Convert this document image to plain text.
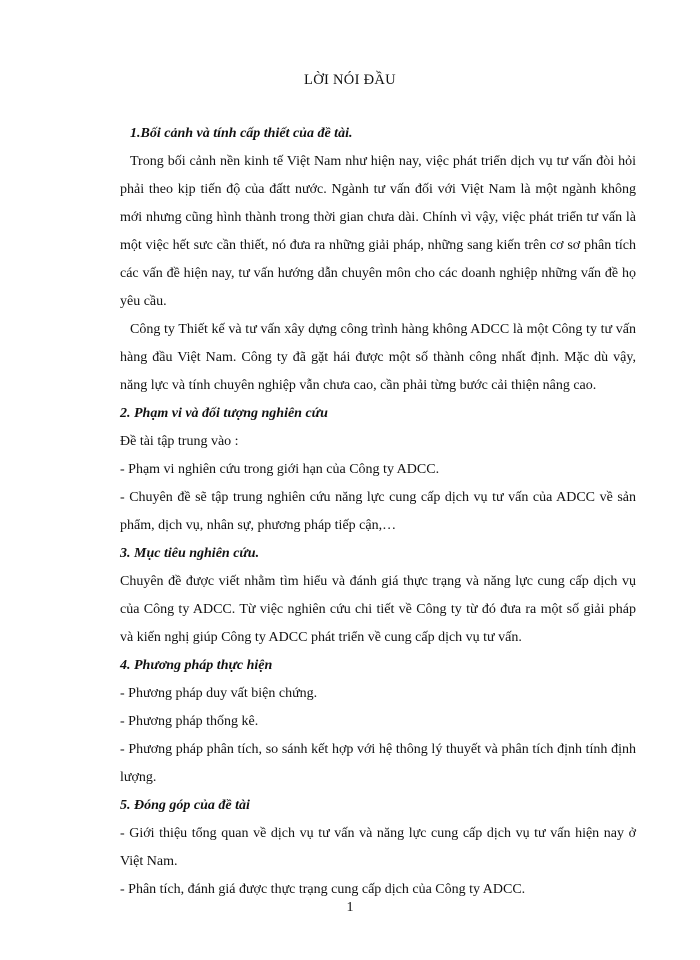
LỜI NÓI ĐẦU

1.Bối cảnh và tính cấp thiết của đề tài.

Trong bối cảnh nền kinh tế Việt Nam như hiện nay, việc phát triển dịch vụ tư vấn đòi hỏi phải theo kịp tiến độ của đấtt nước. Ngành tư vấn đối với Việt Nam là một ngành không mới nhưng cũng hình thành trong thời gian chưa dài. Chính vì vậy, việc phát triển tư vấn là một việc hết sưc cần thiết, nó đưa ra những giải pháp, những sang kiến trên cơ sơ phân tích các vấn đề hiện nay, tư vấn hướng dẫn chuyên môn cho các doanh nghiệp những vấn đề họ yêu cầu.

Công ty Thiết kế và tư vấn xây dựng công trình hàng không ADCC là một Công ty tư vấn hàng đầu Việt Nam. Công ty đã gặt hái được một số thành công nhất định. Mặc dù vậy, năng lực và tính chuyên nghiệp vẫn chưa cao, cần phải từng bước cải thiện nâng cao.

2. Phạm vi và đối tượng nghiên cứu

Đề tài tập trung vào :

- Phạm vi nghiên cứu trong giới hạn của Công ty ADCC.

- Chuyên đề sẽ tập trung nghiên cứu năng lực cung cấp dịch vụ tư vấn của ADCC về sản phẩm, dịch vụ, nhân sự, phương pháp tiếp cận,…

3. Mục tiêu nghiên cứu.

Chuyên đề được viết nhằm tìm hiểu và đánh giá thực trạng và năng lực cung cấp dịch vụ của Công ty ADCC. Từ việc nghiên cứu chi tiết về Công ty từ đó đưa ra một số giải pháp và kiến nghị giúp Công ty ADCC phát triển về cung cấp dịch vụ tư vấn.

4. Phương pháp thực hiện

- Phương pháp duy vất biện chứng.

- Phương pháp thống kê.

- Phương pháp phân tích, so sánh kết hợp với hệ thông lý thuyết và phân tích định tính định lượng.

5. Đóng góp của đề tài

- Giới thiệu tổng quan về dịch vụ tư vấn và năng lực cung cấp dịch vụ tư vấn hiện nay ở Việt Nam.

- Phân tích, đánh giá được thực trạng cung cấp dịch của Công ty ADCC.

1
